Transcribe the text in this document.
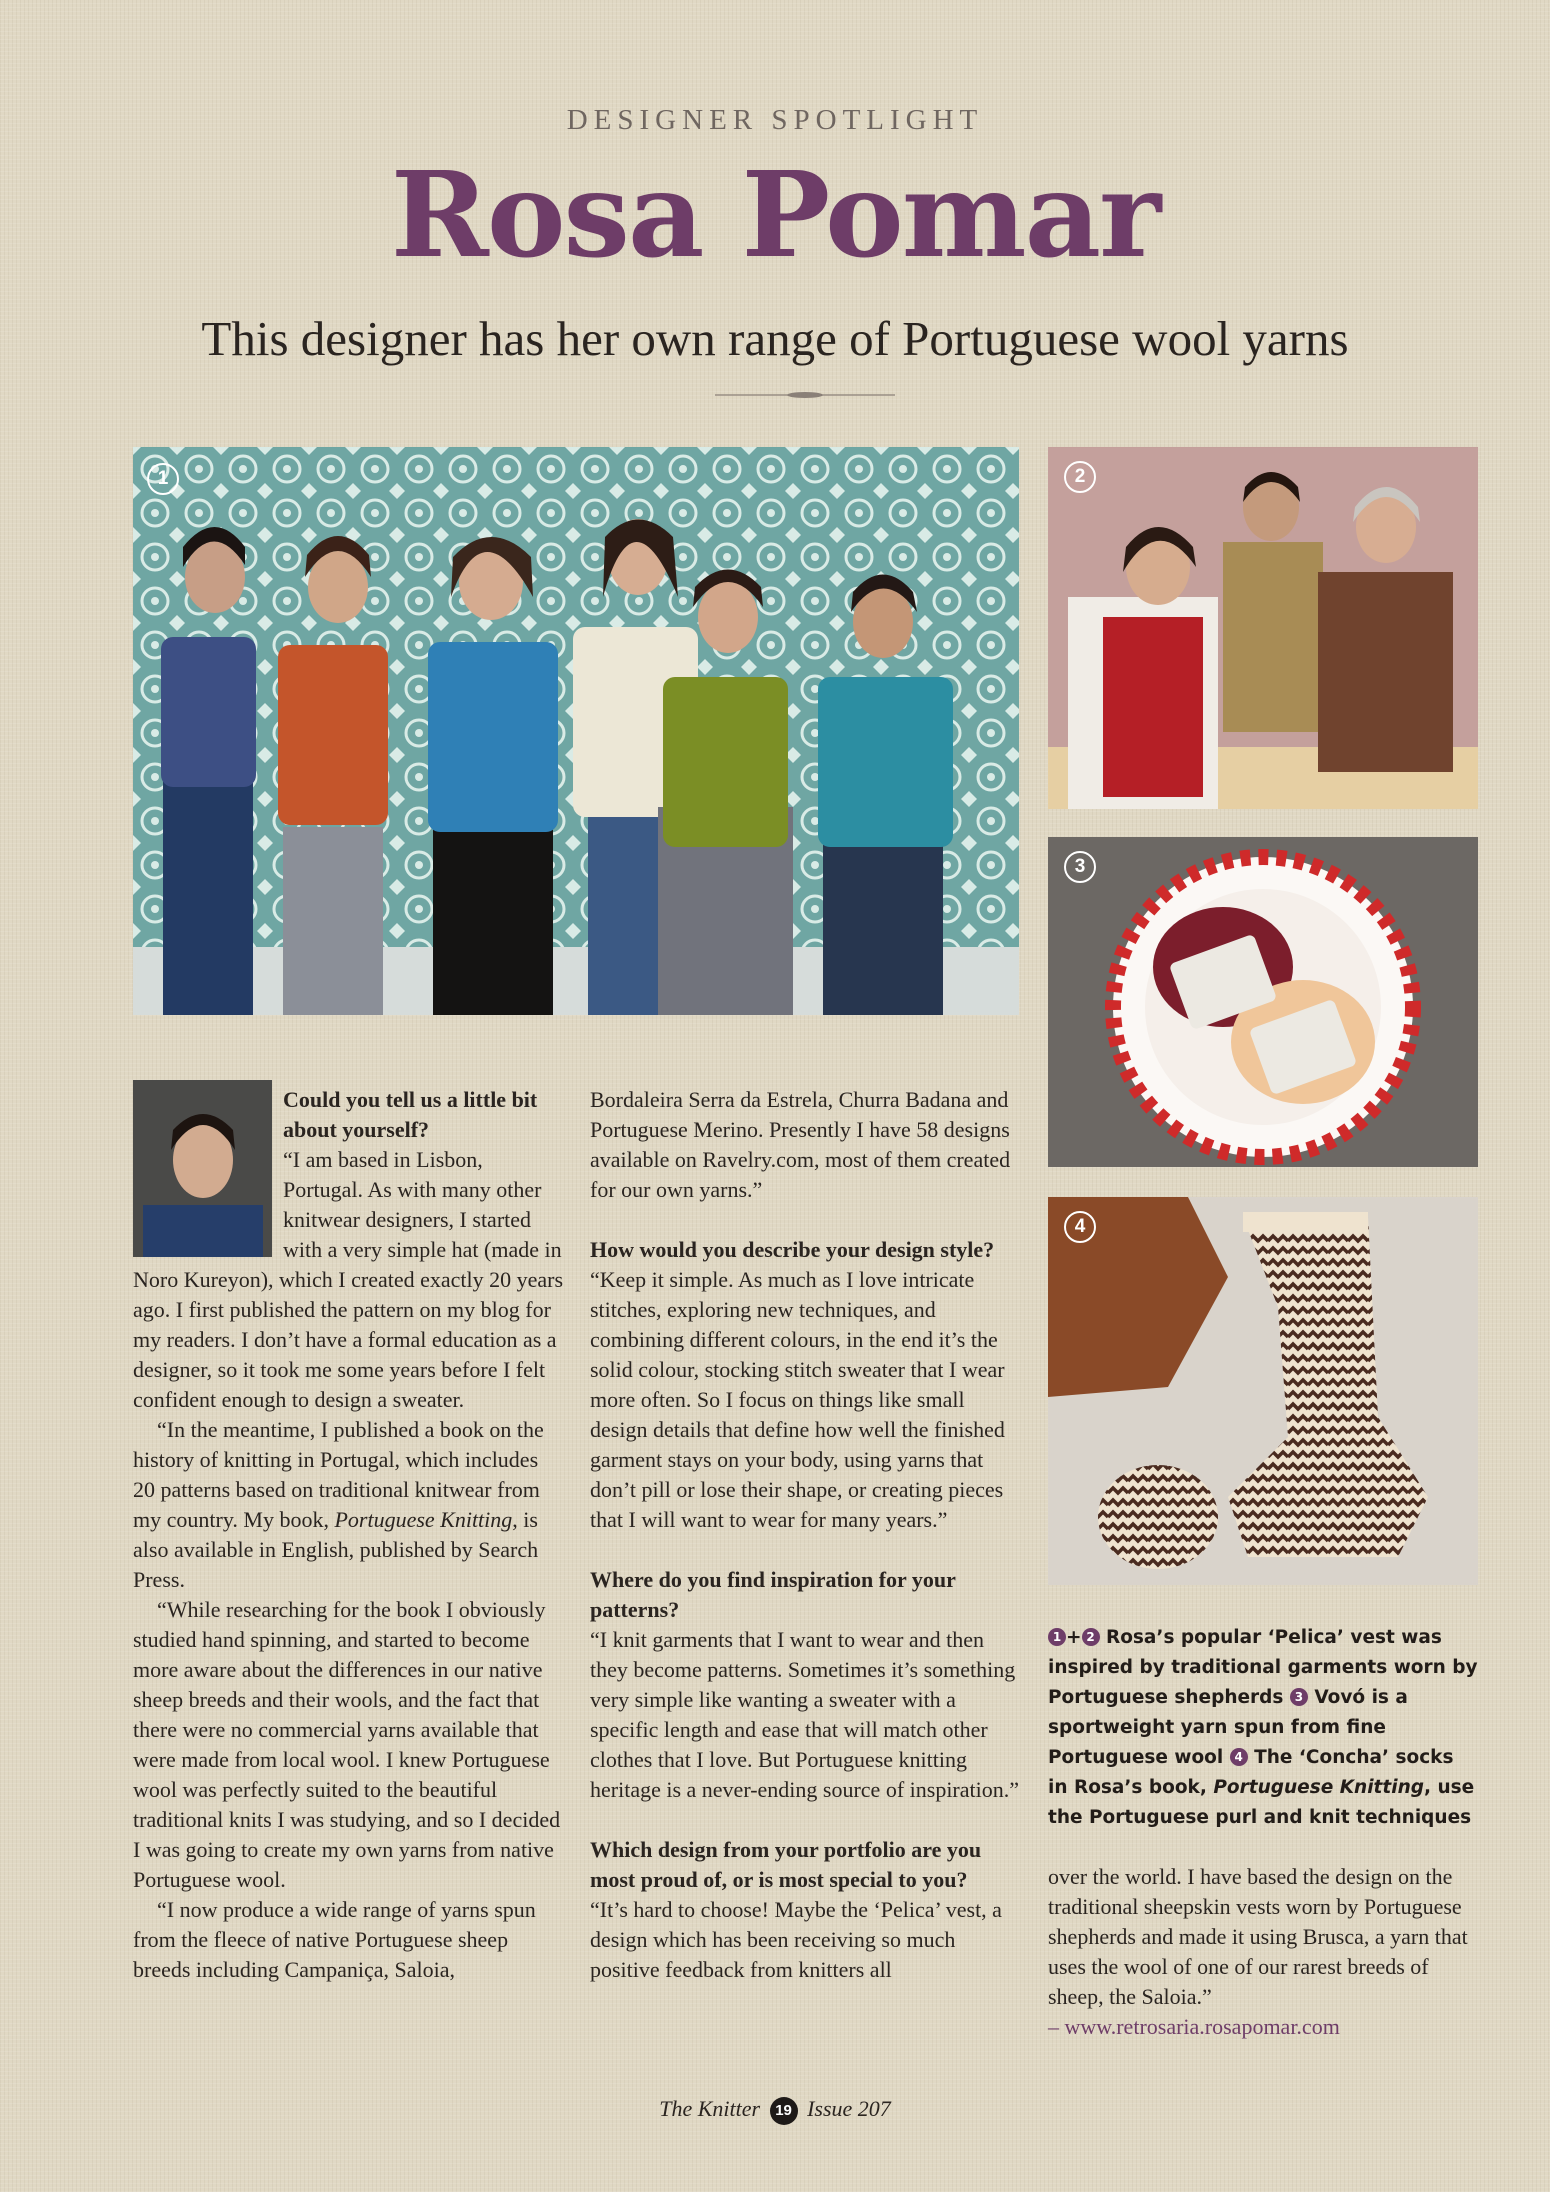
DESIGNER SPOTLIGHT
Rosa Pomar
This designer has her own range of Portuguese wool yarns
1	2
3
4

Could you tell us a little bit about yourself?

“I am based in Lisbon, Portugal. As with many other knitwear designers, I started with a very simple hat (made in Noro Kureyon), which I created exactly 20 years ago. I first published the pattern on my blog for my readers. I don’t have a formal education as a designer, so it took me some years before I felt confident enough to design a sweater.

“In the meantime, I published a book on the history of knitting in Portugal, which includes 20 patterns based on traditional knitwear from my country. My book, Portuguese Knitting, is also available in English, published by Search Press.

“While researching for the book I obviously studied hand spinning, and started to become more aware about the differences in our native sheep breeds and their wools, and the fact that there were no commercial yarns available that were made from local wool. I knew Portuguese wool was perfectly suited to the beautiful traditional knits I was studying, and so I decided I was going to create my own yarns from native Portuguese wool.

“I now produce a wide range of yarns spun from the fleece of native Portuguese sheep breeds including Campaniça, Saloia,

Bordaleira Serra da Estrela, Churra Badana and Portuguese Merino. Presently I have 58 designs available on Ravelry.com, most of them created for our own yarns.”

How would you describe your design style?

“Keep it simple. As much as I love intricate stitches, exploring new techniques, and combining different colours, in the end it’s the solid colour, stocking stitch sweater that I wear more often. So I focus on things like small design details that define how well the finished garment stays on your body, using yarns that don’t pill or lose their shape, or creating pieces that I will want to wear for many years.”

Where do you find inspiration for your patterns?

“I knit garments that I want to wear and then they become patterns. Sometimes it’s something very simple like wanting a sweater with a specific length and ease that will match other clothes that I love. But Portuguese knitting heritage is a never-ending source of inspiration.”

Which design from your portfolio are you most proud of, or is most special to you?

“It’s hard to choose! Maybe the ‘Pelica’ vest, a design which has been receiving so much positive feedback from knitters all

1 + 2 Rosa’s popular ‘Pelica’ vest was inspired by traditional garments worn by Portuguese shepherds 3 Vovó is a sportweight yarn spun from fine Portuguese wool 4 The ‘Concha’ socks in Rosa’s book, Portuguese Knitting, use the Portuguese purl and knit techniques

over the world. I have based the design on the traditional sheepskin vests worn by Portuguese shepherds and made it using Brusca, a yarn that uses the wool of one of our rarest breeds of sheep, the Saloia.”

– www.retrosaria.rosapomar.com

The Knitter 19 Issue 207
